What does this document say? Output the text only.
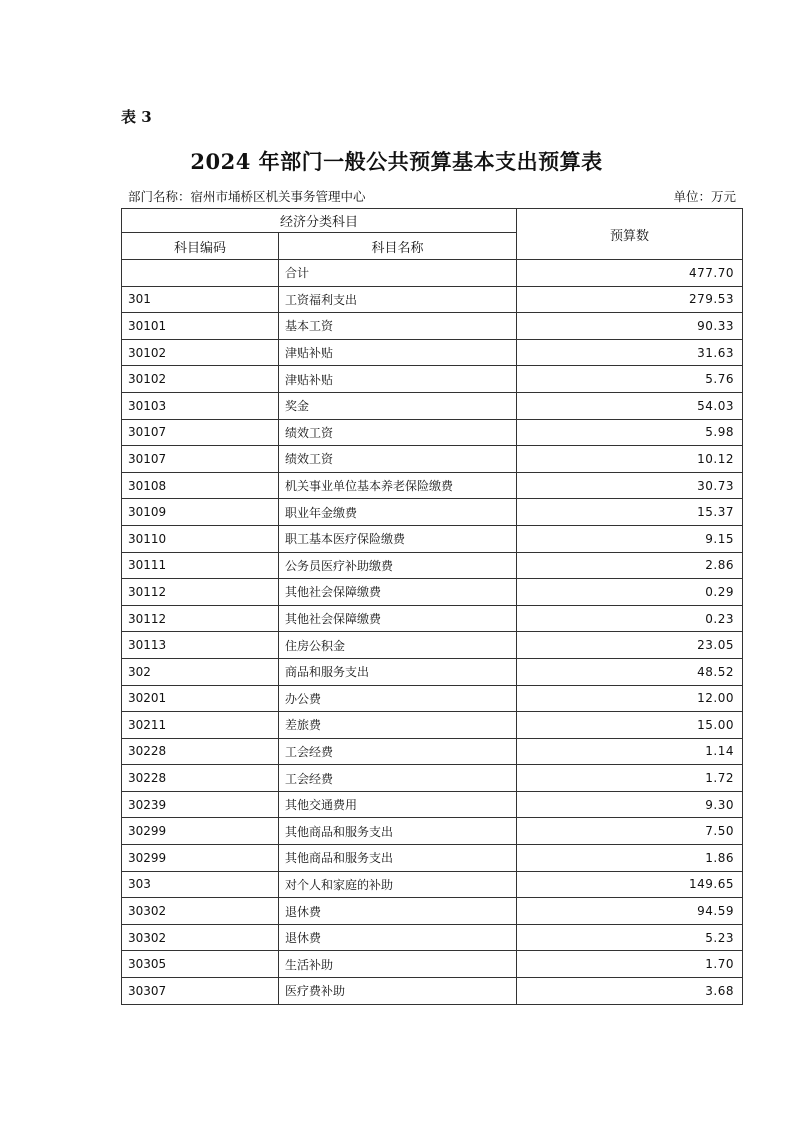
表 3
2024 年部门一般公共预算基本支出预算表
部门名称：宿州市埇桥区机关事务管理中心	单位：万元
经济分类科目		预算数
科目编码	科目名称	
	合计	477.70
301	工资福利支出	279.53
30101	基本工资	90.33
30102	津贴补贴	31.63
30102	津贴补贴	5.76
30103	奖金	54.03
30107	绩效工资	5.98
30107	绩效工资	10.12
30108	机关事业单位基本养老保险缴费	30.73
30109	职业年金缴费	15.37
30110	职工基本医疗保险缴费	9.15
30111	公务员医疗补助缴费	2.86
30112	其他社会保障缴费	0.29
30112	其他社会保障缴费	0.23
30113	住房公积金	23.05
302	商品和服务支出	48.52
30201	办公费	12.00
30211	差旅费	15.00
30228	工会经费	1.14
30228	工会经费	1.72
30239	其他交通费用	9.30
30299	其他商品和服务支出	7.50
30299	其他商品和服务支出	1.86
303	对个人和家庭的补助	149.65
30302	退休费	94.59
30302	退休费	5.23
30305	生活补助	1.70
30307	医疗费补助	3.68
